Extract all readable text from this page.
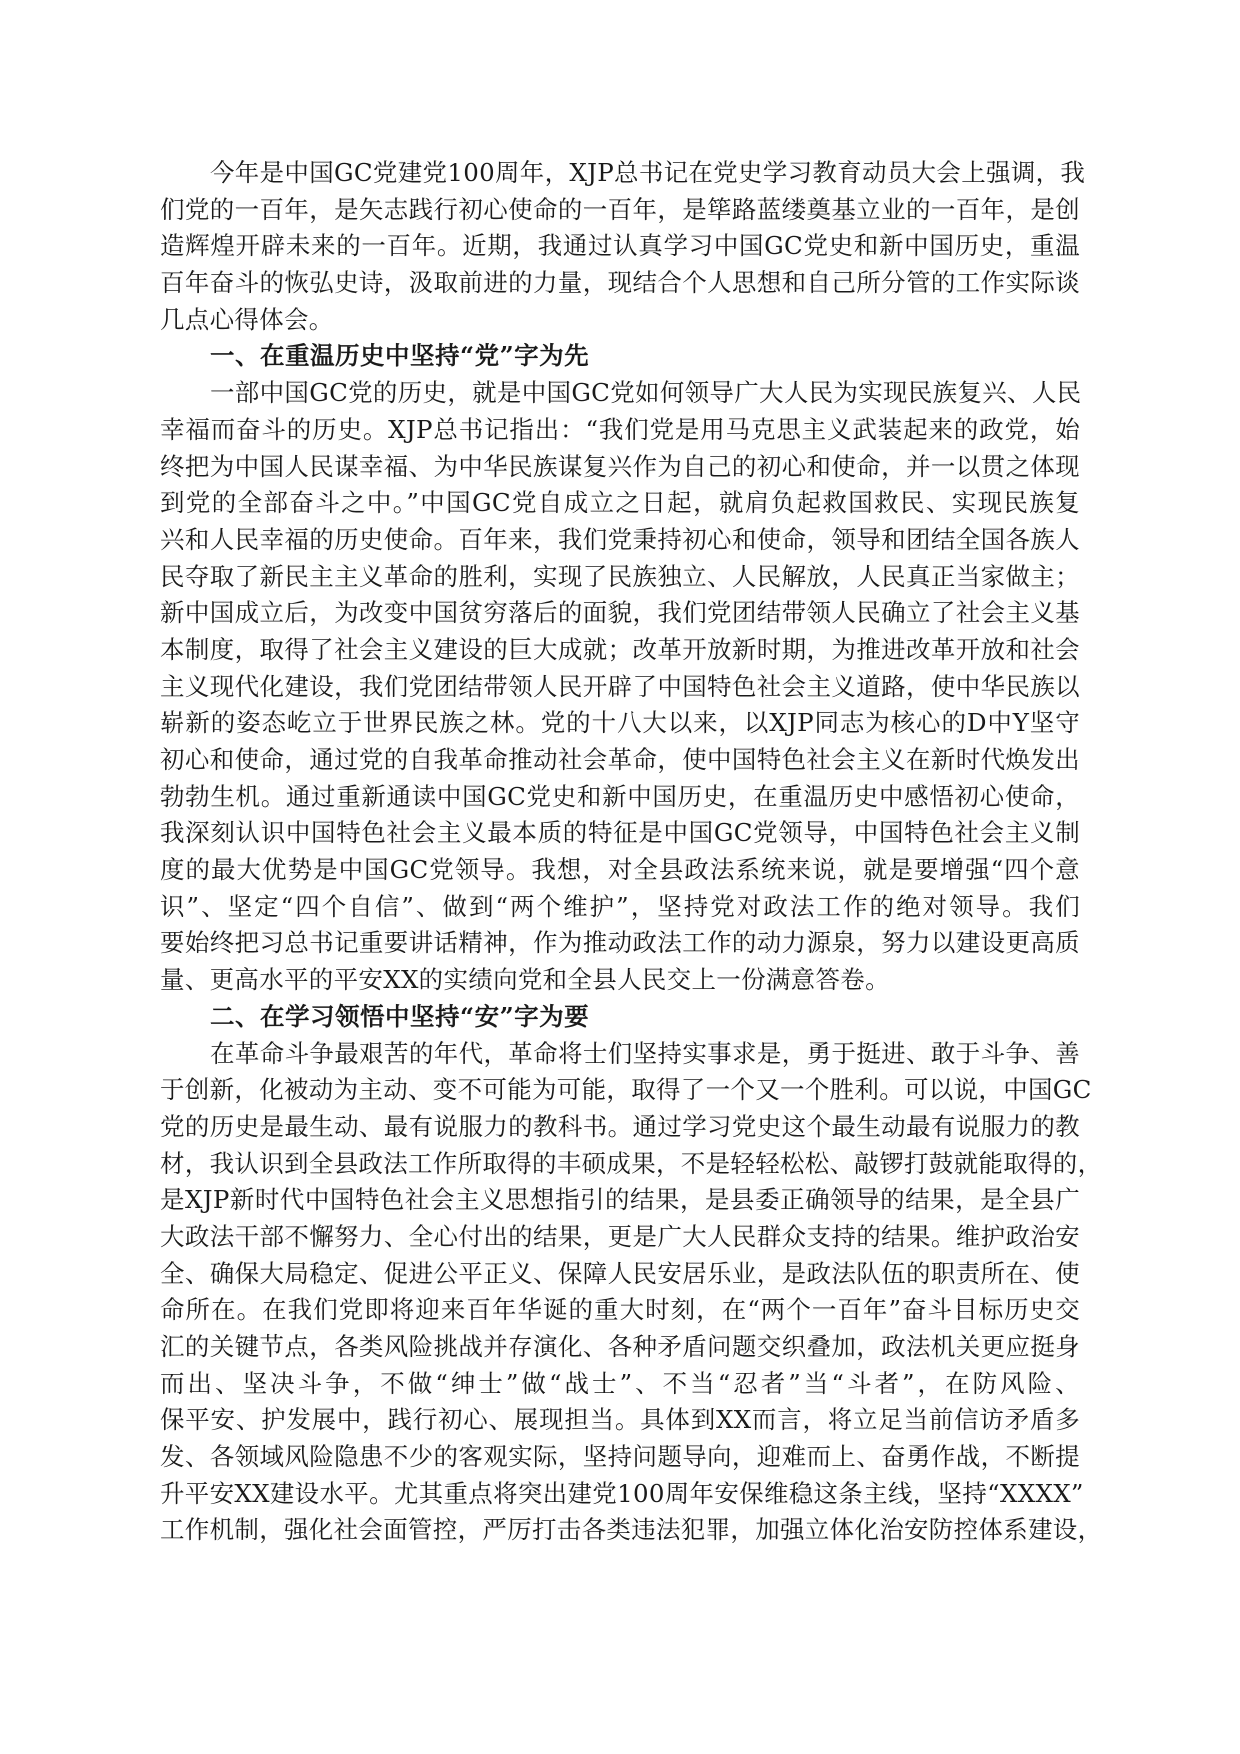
今年是中国GC党建党100周年，XJP总书记在党史学习教育动员大会上强调，我
们党的一百年，是矢志践行初心使命的一百年，是筚路蓝缕奠基立业的一百年，是创
造辉煌开辟未来的一百年。近期，我通过认真学习中国GC党史和新中国历史，重温
百年奋斗的恢弘史诗，汲取前进的力量，现结合个人思想和自己所分管的工作实际谈
几点心得体会。
一、在重温历史中坚持“党”字为先
一部中国GC党的历史，就是中国GC党如何领导广大人民为实现民族复兴、人民
幸福而奋斗的历史。XJP总书记指出：“我们党是用马克思主义武装起来的政党，始
终把为中国人民谋幸福、为中华民族谋复兴作为自己的初心和使命，并一以贯之体现
到党的全部奋斗之中。”中国GC党自成立之日起，就肩负起救国救民、实现民族复
兴和人民幸福的历史使命。百年来，我们党秉持初心和使命，领导和团结全国各族人
民夺取了新民主主义革命的胜利，实现了民族独立、人民解放，人民真正当家做主；
新中国成立后，为改变中国贫穷落后的面貌，我们党团结带领人民确立了社会主义基
本制度，取得了社会主义建设的巨大成就；改革开放新时期，为推进改革开放和社会
主义现代化建设，我们党团结带领人民开辟了中国特色社会主义道路，使中华民族以
崭新的姿态屹立于世界民族之林。党的十八大以来，以XJP同志为核心的D中Y坚守
初心和使命，通过党的自我革命推动社会革命，使中国特色社会主义在新时代焕发出
勃勃生机。通过重新通读中国GC党史和新中国历史，在重温历史中感悟初心使命，
我深刻认识中国特色社会主义最本质的特征是中国GC党领导，中国特色社会主义制
度的最大优势是中国GC党领导。我想，对全县政法系统来说，就是要增强“四个意
识”、坚定“四个自信”、做到“两个维护”，坚持党对政法工作的绝对领导。我们
要始终把习总书记重要讲话精神，作为推动政法工作的动力源泉，努力以建设更高质
量、更高水平的平安XX的实绩向党和全县人民交上一份满意答卷。
二、在学习领悟中坚持“安”字为要
在革命斗争最艰苦的年代，革命将士们坚持实事求是，勇于挺进、敢于斗争、善
于创新，化被动为主动、变不可能为可能，取得了一个又一个胜利。可以说，中国GC
党的历史是最生动、最有说服力的教科书。通过学习党史这个最生动最有说服力的教
材，我认识到全县政法工作所取得的丰硕成果，不是轻轻松松、敲锣打鼓就能取得的，
是XJP新时代中国特色社会主义思想指引的结果，是县委正确领导的结果，是全县广
大政法干部不懈努力、全心付出的结果，更是广大人民群众支持的结果。维护政治安
全、确保大局稳定、促进公平正义、保障人民安居乐业，是政法队伍的职责所在、使
命所在。在我们党即将迎来百年华诞的重大时刻，在“两个一百年”奋斗目标历史交
汇的关键节点，各类风险挑战并存演化、各种矛盾问题交织叠加，政法机关更应挺身
而出、坚决斗争，不做“绅士”做“战士”、不当“忍者”当“斗者”，在防风险、
保平安、护发展中，践行初心、展现担当。具体到XX而言，将立足当前信访矛盾多
发、各领域风险隐患不少的客观实际，坚持问题导向，迎难而上、奋勇作战，不断提
升平安XX建设水平。尤其重点将突出建党100周年安保维稳这条主线，坚持“XXXX”
工作机制，强化社会面管控，严厉打击各类违法犯罪，加强立体化治安防控体系建设，
